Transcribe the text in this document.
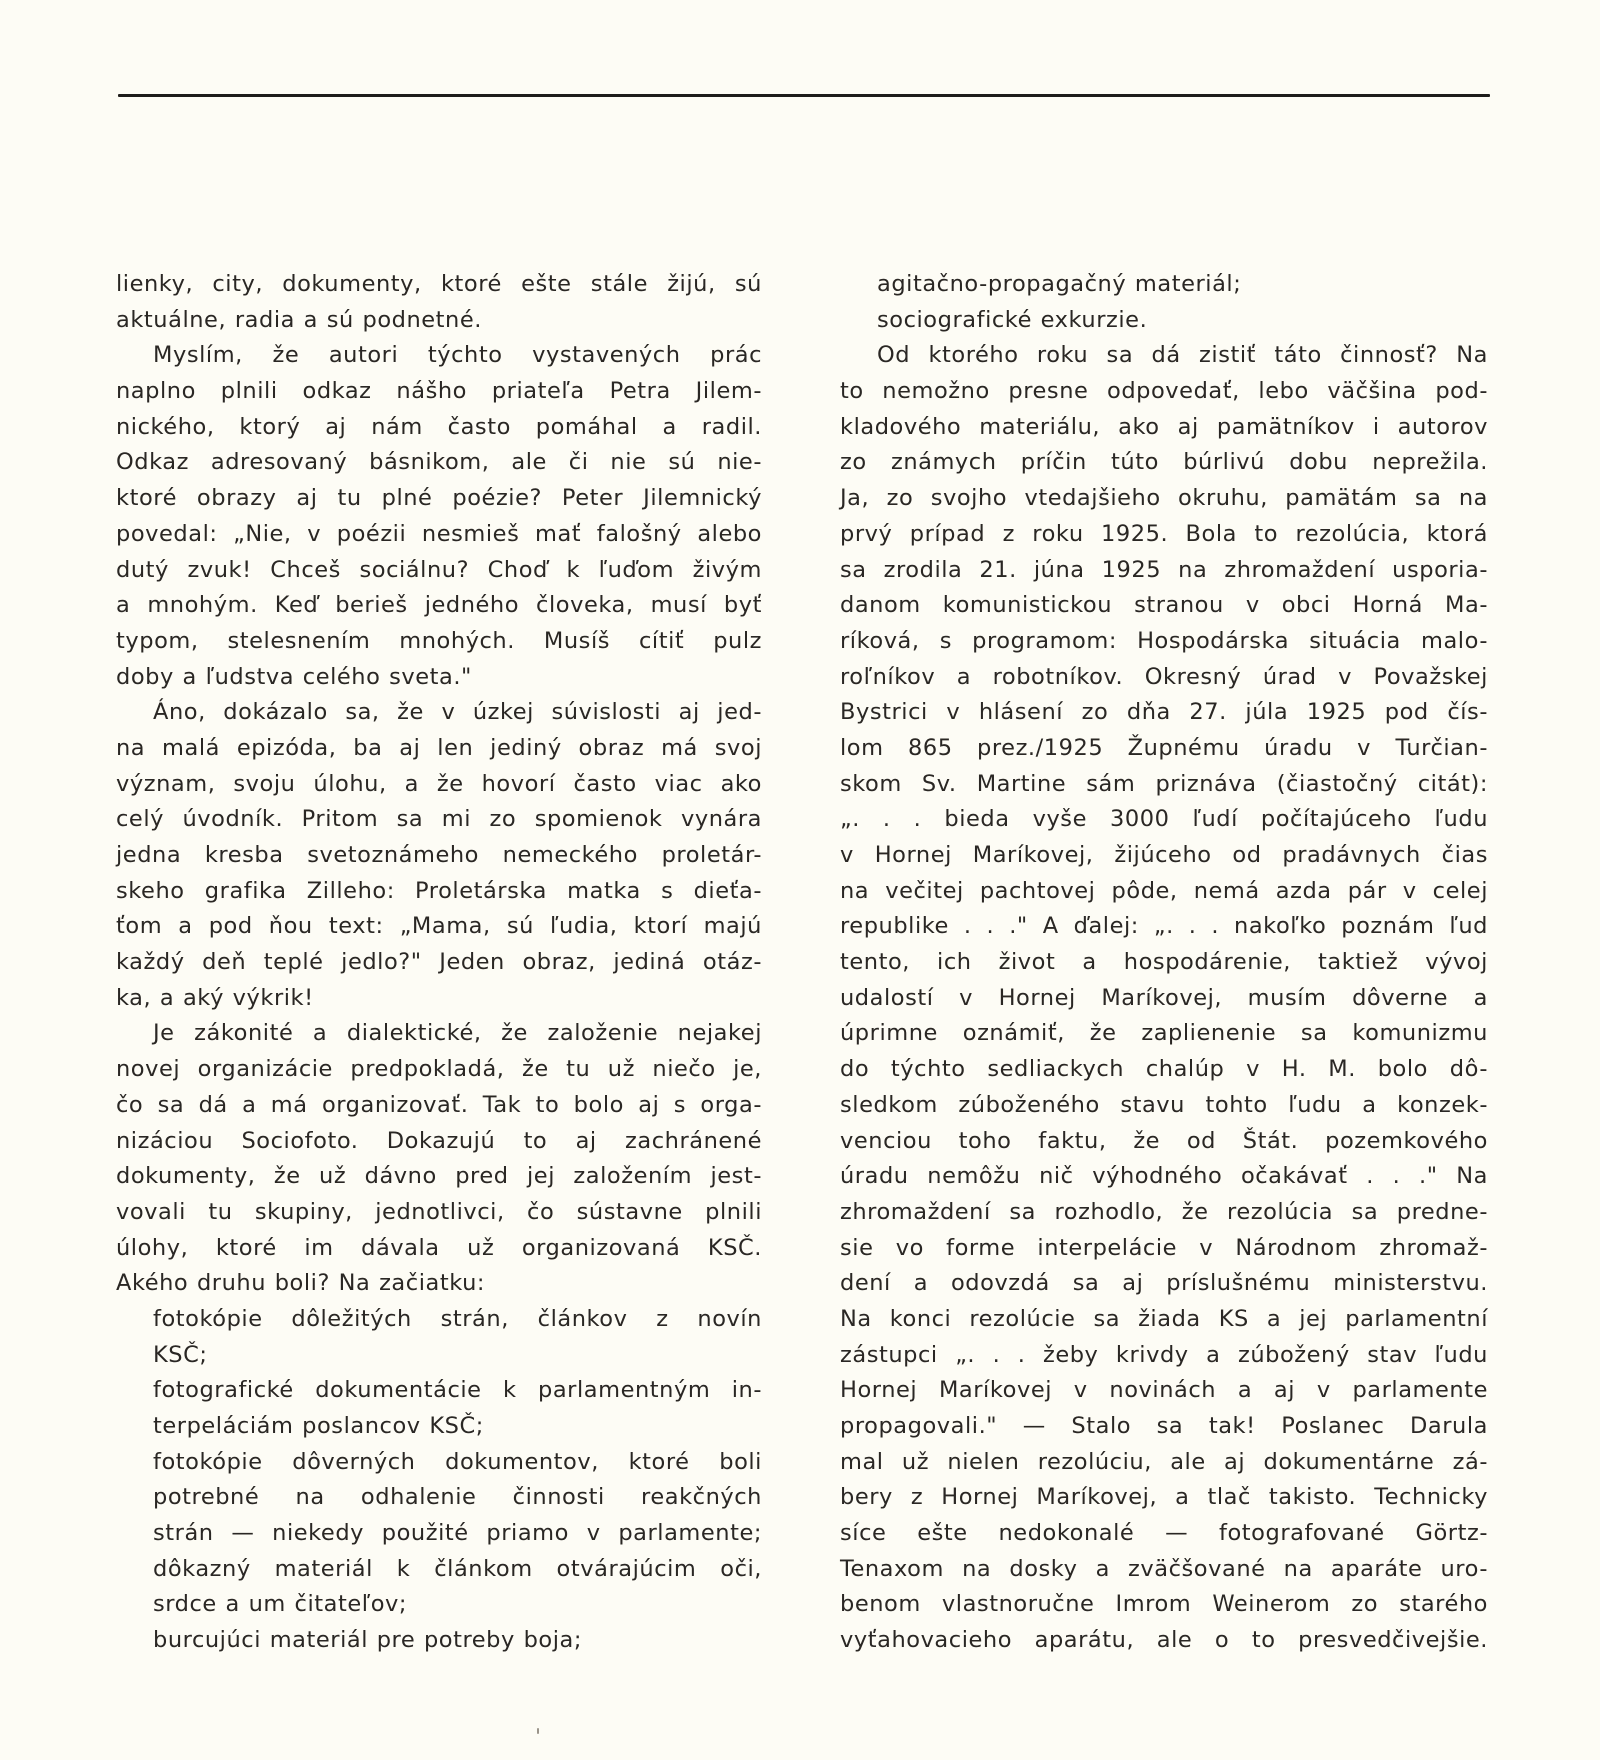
lienky, city, dokumenty, ktoré ešte stále žijú, sú
aktuálne, radia a sú podnetné.
Myslím, že autori týchto vystavených prác
naplno plnili odkaz nášho priateľa Petra Jilem-
nického, ktorý aj nám často pomáhal a radil.
Odkaz adresovaný básnikom, ale či nie sú nie-
ktoré obrazy aj tu plné poézie? Peter Jilemnický
povedal: „Nie, v poézii nesmieš mať falošný alebo
dutý zvuk! Chceš sociálnu? Choď k ľuďom živým
a mnohým. Keď berieš jedného človeka, musí byť
typom, stelesnením mnohých. Musíš cítiť pulz
doby a ľudstva celého sveta."
Áno, dokázalo sa, že v úzkej súvislosti aj jed-
na malá epizóda, ba aj len jediný obraz má svoj
význam, svoju úlohu, a že hovorí často viac ako
celý úvodník. Pritom sa mi zo spomienok vynára
jedna kresba svetoznámeho nemeckého proletár-
skeho grafika Zilleho: Proletárska matka s dieťa-
ťom a pod ňou text: „Mama, sú ľudia, ktorí majú
každý deň teplé jedlo?" Jeden obraz, jediná otáz-
ka, a aký výkrik!
Je zákonité a dialektické, že založenie nejakej
novej organizácie predpokladá, že tu už niečo je,
čo sa dá a má organizovať. Tak to bolo aj s orga-
nizáciou Sociofoto. Dokazujú to aj zachránené
dokumenty, že už dávno pred jej založením jest-
vovali tu skupiny, jednotlivci, čo sústavne plnili
úlohy, ktoré im dávala už organizovaná KSČ.
Akého druhu boli? Na začiatku:
fotokópie dôležitých strán, článkov z novín
KSČ;
fotografické dokumentácie k parlamentným in-
terpeláciám poslancov KSČ;
fotokópie dôverných dokumentov, ktoré boli
potrebné na odhalenie činnosti reakčných
strán — niekedy použité priamo v parlamente;
dôkazný materiál k článkom otvárajúcim oči,
srdce a um čitateľov;
burcujúci materiál pre potreby boja;
agitačno-propagačný materiál;
sociografické exkurzie.
Od ktorého roku sa dá zistiť táto činnosť? Na
to nemožno presne odpovedať, lebo väčšina pod-
kladového materiálu, ako aj pamätníkov i autorov
zo známych príčin túto búrlivú dobu neprežila.
Ja, zo svojho vtedajšieho okruhu, pamätám sa na
prvý prípad z roku 1925. Bola to rezolúcia, ktorá
sa zrodila 21. júna 1925 na zhromaždení usporia-
danom komunistickou stranou v obci Horná Ma-
ríková, s programom: Hospodárska situácia malo-
roľníkov a robotníkov. Okresný úrad v Považskej
Bystrici v hlásení zo dňa 27. júla 1925 pod čís-
lom 865 prez./1925 Župnému úradu v Turčian-
skom Sv. Martine sám priznáva (čiastočný citát):
„. . . bieda vyše 3000 ľudí počítajúceho ľudu
v Hornej Maríkovej, žijúceho od pradávnych čias
na večitej pachtovej pôde, nemá azda pár v celej
republike . . ." A ďalej: „. . . nakoľko poznám ľud
tento, ich život a hospodárenie, taktiež vývoj
udalostí v Hornej Maríkovej, musím dôverne a
úprimne oznámiť, že zaplienenie sa komunizmu
do týchto sedliackych chalúp v H. M. bolo dô-
sledkom zúboženého stavu tohto ľudu a konzek-
venciou toho faktu, že od Štát. pozemkového
úradu nemôžu nič výhodného očakávať . . ." Na
zhromaždení sa rozhodlo, že rezolúcia sa predne-
sie vo forme interpelácie v Národnom zhromaž-
dení a odovzdá sa aj príslušnému ministerstvu.
Na konci rezolúcie sa žiada KS a jej parlamentní
zástupci „. . . žeby krivdy a zúbožený stav ľudu
Hornej Maríkovej v novinách a aj v parlamente
propagovali." — Stalo sa tak! Poslanec Darula
mal už nielen rezolúciu, ale aj dokumentárne zá-
bery z Hornej Maríkovej, a tlač takisto. Technicky
síce ešte nedokonalé — fotografované Görtz-
Tenaxom na dosky a zväčšované na aparáte uro-
benom vlastnoručne Imrom Weinerom zo starého
vyťahovacieho aparátu, ale o to presvedčivejšie.
